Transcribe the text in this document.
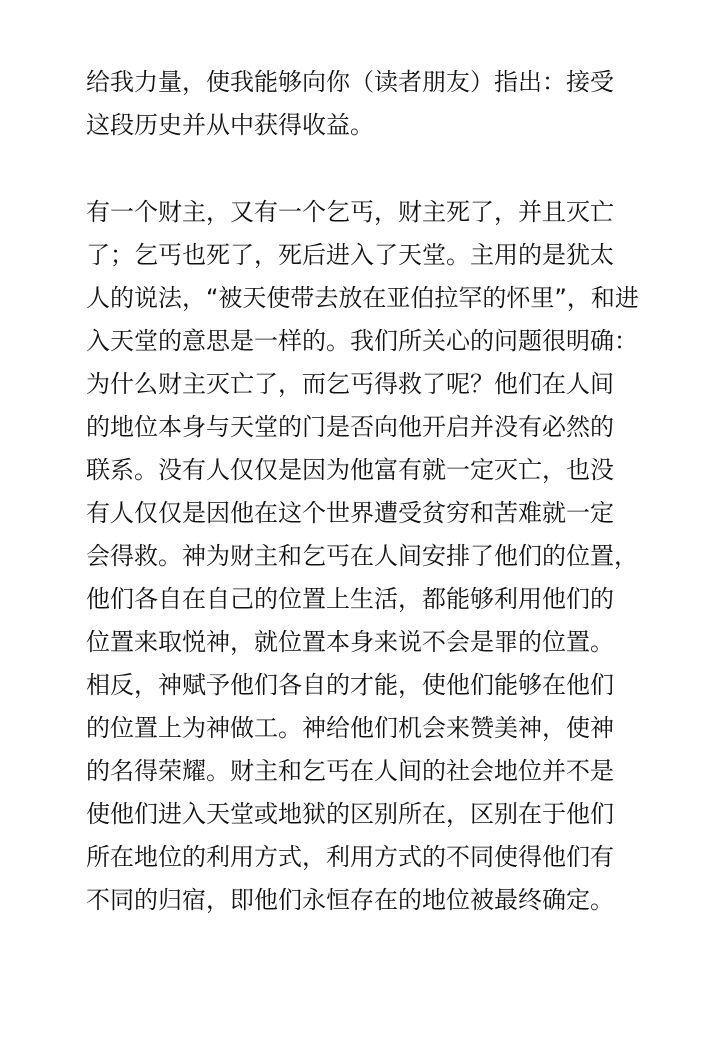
给我力量，使我能够向你（读者朋友）指出：接受
这段历史并从中获得收益。
有一个财主，又有一个乞丐，财主死了，并且灭亡
了；乞丐也死了，死后进入了天堂。主用的是犹太
人的说法，“被天使带去放在亚伯拉罕的怀里”，和进
入天堂的意思是一样的。我们所关心的问题很明确：
为什么财主灭亡了，而乞丐得救了呢？他们在人间
的地位本身与天堂的门是否向他开启并没有必然的
联系。没有人仅仅是因为他富有就一定灭亡，也没
有人仅仅是因他在这个世界遭受贫穷和苦难就一定
会得救。神为财主和乞丐在人间安排了他们的位置，
他们各自在自己的位置上生活，都能够利用他们的
位置来取悦神，就位置本身来说不会是罪的位置。
相反，神赋予他们各自的才能，使他们能够在他们
的位置上为神做工。神给他们机会来赞美神，使神
的名得荣耀。财主和乞丐在人间的社会地位并不是
使他们进入天堂或地狱的区别所在，区别在于他们
所在地位的利用方式，利用方式的不同使得他们有
不同的归宿，即他们永恒存在的地位被最终确定。
